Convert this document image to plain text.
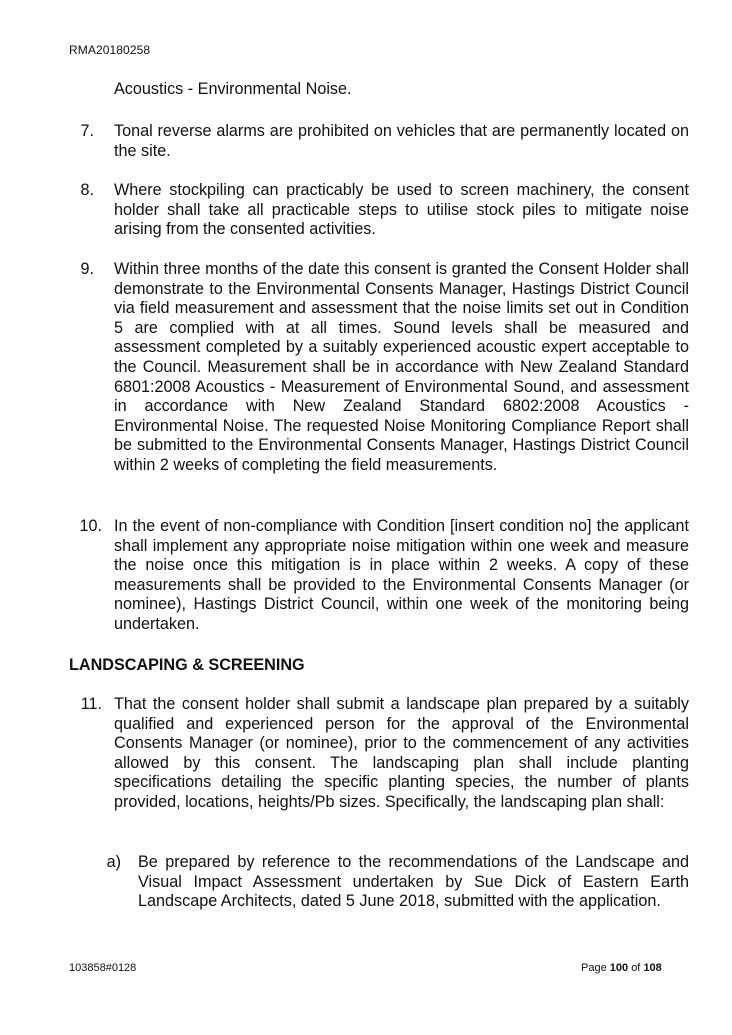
RMA20180258
Acoustics - Environmental Noise.
7. Tonal reverse alarms are prohibited on vehicles that are permanently located on the site.
8. Where stockpiling can practicably be used to screen machinery, the consent holder shall take all practicable steps to utilise stock piles to mitigate noise arising from the consented activities.
9. Within three months of the date this consent is granted the Consent Holder shall demonstrate to the Environmental Consents Manager, Hastings District Council via field measurement and assessment that the noise limits set out in Condition 5 are complied with at all times. Sound levels shall be measured and assessment completed by a suitably experienced acoustic expert acceptable to the Council. Measurement shall be in accordance with New Zealand Standard 6801:2008 Acoustics - Measurement of Environmental Sound, and assessment in accordance with New Zealand Standard 6802:2008 Acoustics - Environmental Noise. The requested Noise Monitoring Compliance Report shall be submitted to the Environmental Consents Manager, Hastings District Council within 2 weeks of completing the field measurements.
10. In the event of non-compliance with Condition [insert condition no] the applicant shall implement any appropriate noise mitigation within one week and measure the noise once this mitigation is in place within 2 weeks. A copy of these measurements shall be provided to the Environmental Consents Manager (or nominee), Hastings District Council, within one week of the monitoring being undertaken.
LANDSCAPING & SCREENING
11. That the consent holder shall submit a landscape plan prepared by a suitably qualified and experienced person for the approval of the Environmental Consents Manager (or nominee), prior to the commencement of any activities allowed by this consent. The landscaping plan shall include planting specifications detailing the specific planting species, the number of plants provided, locations, heights/Pb sizes. Specifically, the landscaping plan shall:
a) Be prepared by reference to the recommendations of the Landscape and Visual Impact Assessment undertaken by Sue Dick of Eastern Earth Landscape Architects, dated 5 June 2018, submitted with the application.
103858#0128	Page 100 of 108
